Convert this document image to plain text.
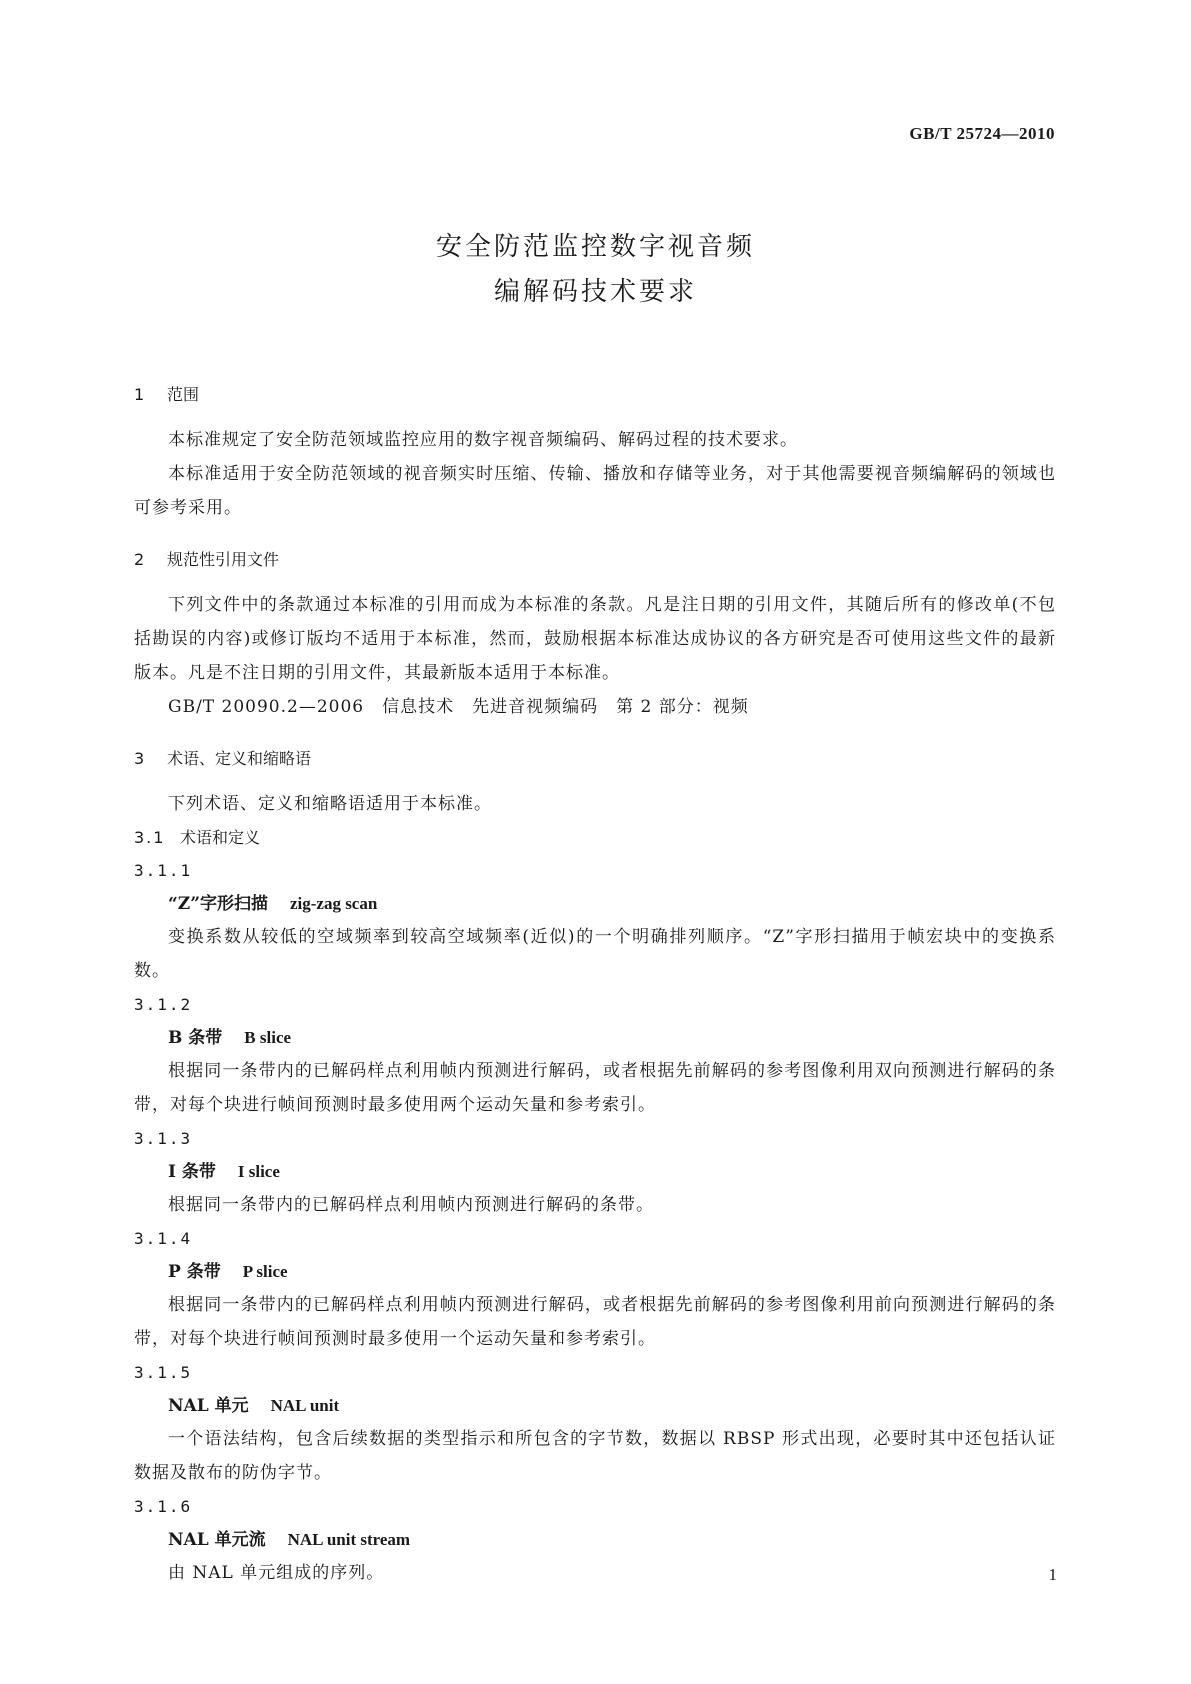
GB/T 25724—2010
安全防范监控数字视音频
编解码技术要求
1 范围

本标准规定了安全防范领域监控应用的数字视音频编码、解码过程的技术要求。

本标准适用于安全防范领域的视音频实时压缩、传输、播放和存储等业务，对于其他需要视音频编解码的领域也可参考采用。

2 规范性引用文件

下列文件中的条款通过本标准的引用而成为本标准的条款。凡是注日期的引用文件，其随后所有的修改单(不包括勘误的内容)或修订版均不适用于本标准，然而，鼓励根据本标准达成协议的各方研究是否可使用这些文件的最新版本。凡是不注日期的引用文件，其最新版本适用于本标准。

GB/T 20090.2—2006 信息技术 先进音视频编码 第 2 部分：视频

3 术语、定义和缩略语

下列术语、定义和缩略语适用于本标准。

3.1 术语和定义

3.1.1

“Z”字形扫描 zig-zag scan

变换系数从较低的空域频率到较高空域频率(近似)的一个明确排列顺序。“Z”字形扫描用于帧宏块中的变换系数。

3.1.2

B 条带 B slice

根据同一条带内的已解码样点利用帧内预测进行解码，或者根据先前解码的参考图像利用双向预测进行解码的条带，对每个块进行帧间预测时最多使用两个运动矢量和参考索引。

3.1.3

I 条带 I slice

根据同一条带内的已解码样点利用帧内预测进行解码的条带。

3.1.4

P 条带 P slice

根据同一条带内的已解码样点利用帧内预测进行解码，或者根据先前解码的参考图像利用前向预测进行解码的条带，对每个块进行帧间预测时最多使用一个运动矢量和参考索引。

3.1.5

NAL 单元 NAL unit

一个语法结构，包含后续数据的类型指示和所包含的字节数，数据以 RBSP 形式出现，必要时其中还包括认证数据及散布的防伪字节。

3.1.6

NAL 单元流 NAL unit stream

由 NAL 单元组成的序列。	1
